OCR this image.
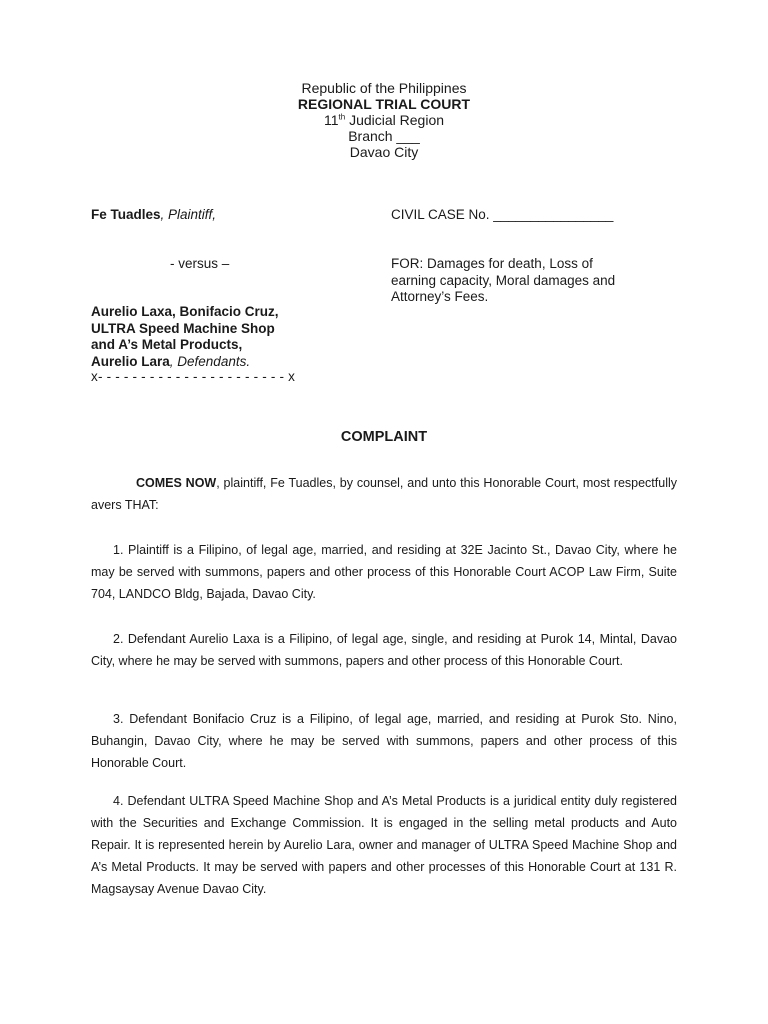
Republic of the Philippines
REGIONAL TRIAL COURT
11th Judicial Region
Branch ___
Davao City
Fe Tuadles, Plaintiff,	CIVIL CASE No. ________________
- versus –	FOR: Damages for death, Loss of
earning capacity, Moral damages and
Attorney’s Fees.
Aurelio Laxa, Bonifacio Cruz,
ULTRA Speed Machine Shop
and A’s Metal Products,
Aurelio Lara, Defendants.
x- - - - - - - - - - - - - - - - - - - - - - x
COMPLAINT
COMES NOW, plaintiff, Fe Tuadles, by counsel, and unto this Honorable Court, most respectfully avers THAT:
1. Plaintiff is a Filipino, of legal age, married, and residing at 32E Jacinto St., Davao City, where he may be served with summons, papers and other process of this Honorable Court ACOP Law Firm, Suite 704, LANDCO Bldg, Bajada, Davao City.
2. Defendant Aurelio Laxa is a Filipino, of legal age, single, and residing at Purok 14, Mintal, Davao City, where he may be served with summons, papers and other process of this Honorable Court.
3. Defendant Bonifacio Cruz is a Filipino, of legal age, married, and residing at Purok Sto. Nino, Buhangin, Davao City, where he may be served with summons, papers and other process of this Honorable Court.
4. Defendant ULTRA Speed Machine Shop and A’s Metal Products is a juridical entity duly registered with the Securities and Exchange Commission. It is engaged in the selling metal products and Auto Repair. It is represented herein by Aurelio Lara, owner and manager of ULTRA Speed Machine Shop and A’s Metal Products. It may be served with papers and other processes of this Honorable Court at 131 R. Magsaysay Avenue Davao City.
